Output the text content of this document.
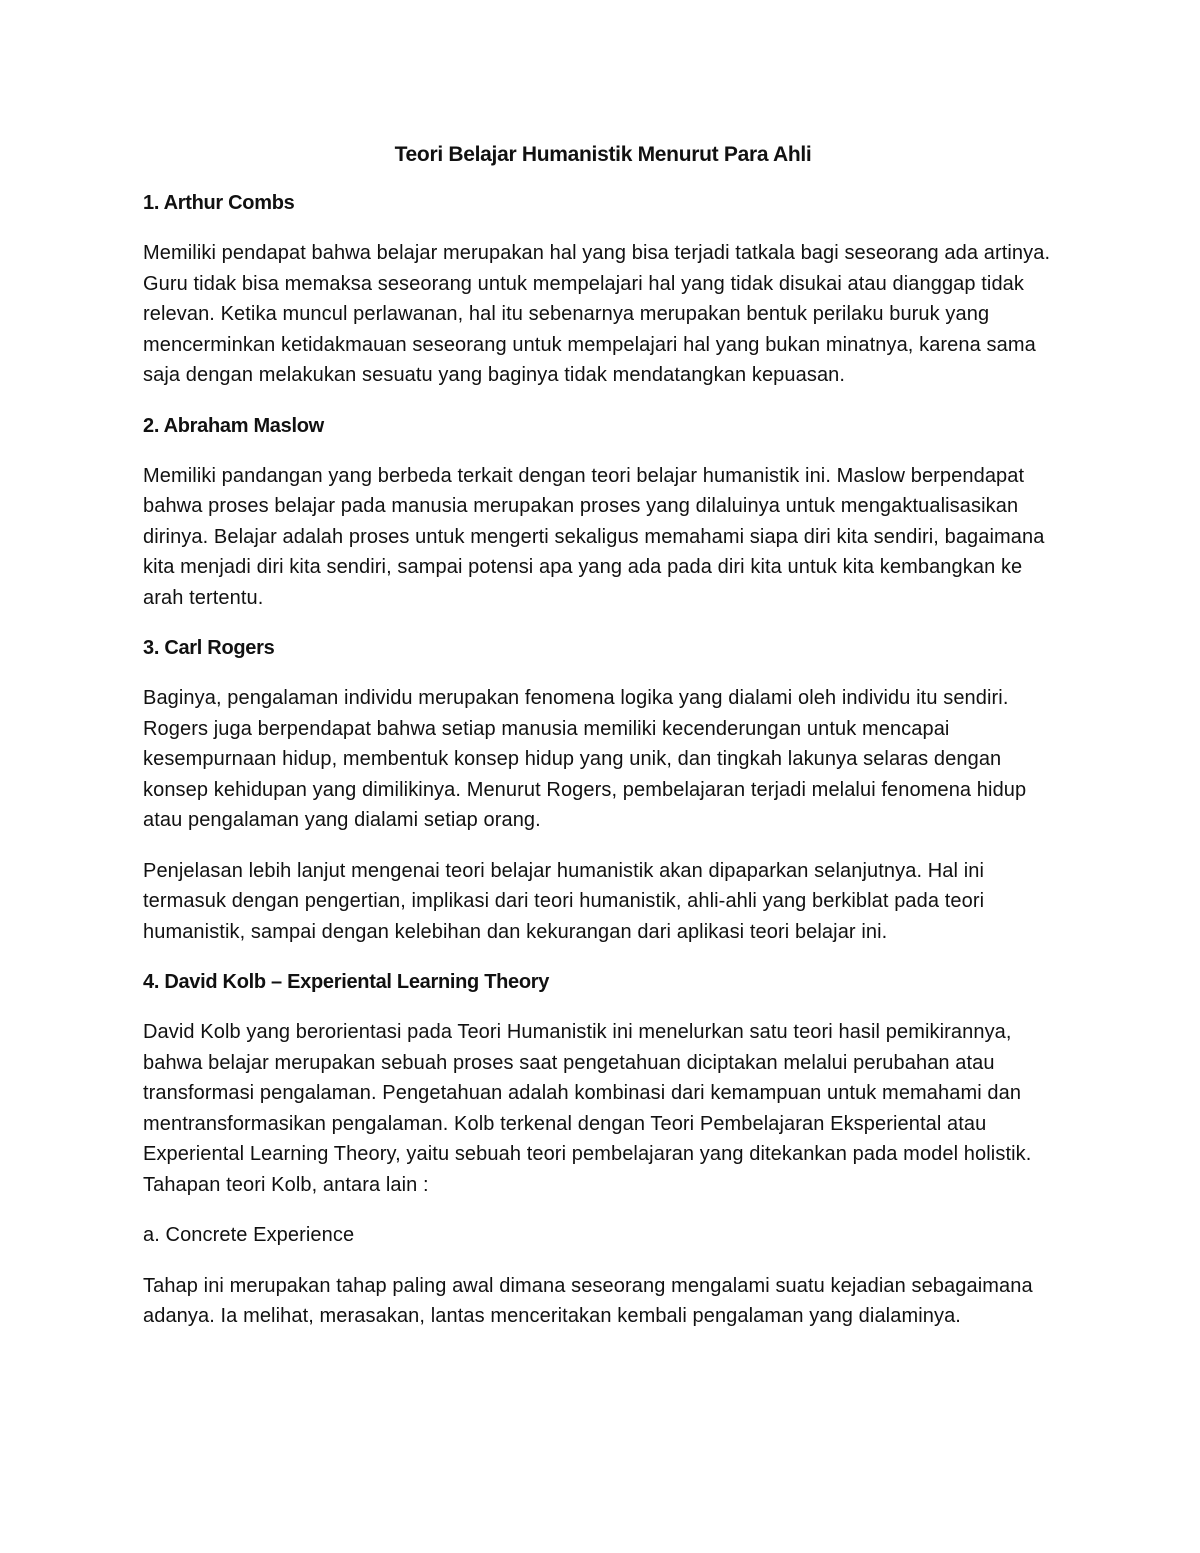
Teori Belajar Humanistik Menurut Para Ahli
1. Arthur Combs

Memiliki pendapat bahwa belajar merupakan hal yang bisa terjadi tatkala bagi seseorang ada artinya. Guru tidak bisa memaksa seseorang untuk mempelajari hal yang tidak disukai atau dianggap tidak relevan. Ketika muncul perlawanan, hal itu sebenarnya merupakan bentuk perilaku buruk yang mencerminkan ketidakmauan seseorang untuk mempelajari hal yang bukan minatnya, karena sama saja dengan melakukan sesuatu yang baginya tidak mendatangkan kepuasan.

2. Abraham Maslow

Memiliki pandangan yang berbeda terkait dengan teori belajar humanistik ini. Maslow berpendapat bahwa proses belajar pada manusia merupakan proses yang dilaluinya untuk mengaktualisasikan dirinya. Belajar adalah proses untuk mengerti sekaligus memahami siapa diri kita sendiri, bagaimana kita menjadi diri kita sendiri, sampai potensi apa yang ada pada diri kita untuk kita kembangkan ke arah tertentu.

3. Carl Rogers

Baginya, pengalaman individu merupakan fenomena logika yang dialami oleh individu itu sendiri. Rogers juga berpendapat bahwa setiap manusia memiliki kecenderungan untuk mencapai kesempurnaan hidup, membentuk konsep hidup yang unik, dan tingkah lakunya selaras dengan konsep kehidupan yang dimilikinya. Menurut Rogers, pembelajaran terjadi melalui fenomena hidup atau pengalaman yang dialami setiap orang.

Penjelasan lebih lanjut mengenai teori belajar humanistik akan dipaparkan selanjutnya. Hal ini termasuk dengan pengertian, implikasi dari teori humanistik, ahli-ahli yang berkiblat pada teori humanistik, sampai dengan kelebihan dan kekurangan dari aplikasi teori belajar ini.

4. David Kolb – Experiental Learning Theory

David Kolb yang berorientasi pada Teori Humanistik ini menelurkan satu teori hasil pemikirannya, bahwa belajar merupakan sebuah proses saat pengetahuan diciptakan melalui perubahan atau transformasi pengalaman. Pengetahuan adalah kombinasi dari kemampuan untuk memahami dan mentransformasikan pengalaman. Kolb terkenal dengan Teori Pembelajaran Eksperiental atau Experiental Learning Theory, yaitu sebuah teori pembelajaran yang ditekankan pada model holistik. Tahapan teori Kolb, antara lain :

a. Concrete Experience

Tahap ini merupakan tahap paling awal dimana seseorang mengalami suatu kejadian sebagaimana adanya. Ia melihat, merasakan, lantas menceritakan kembali pengalaman yang dialaminya.
